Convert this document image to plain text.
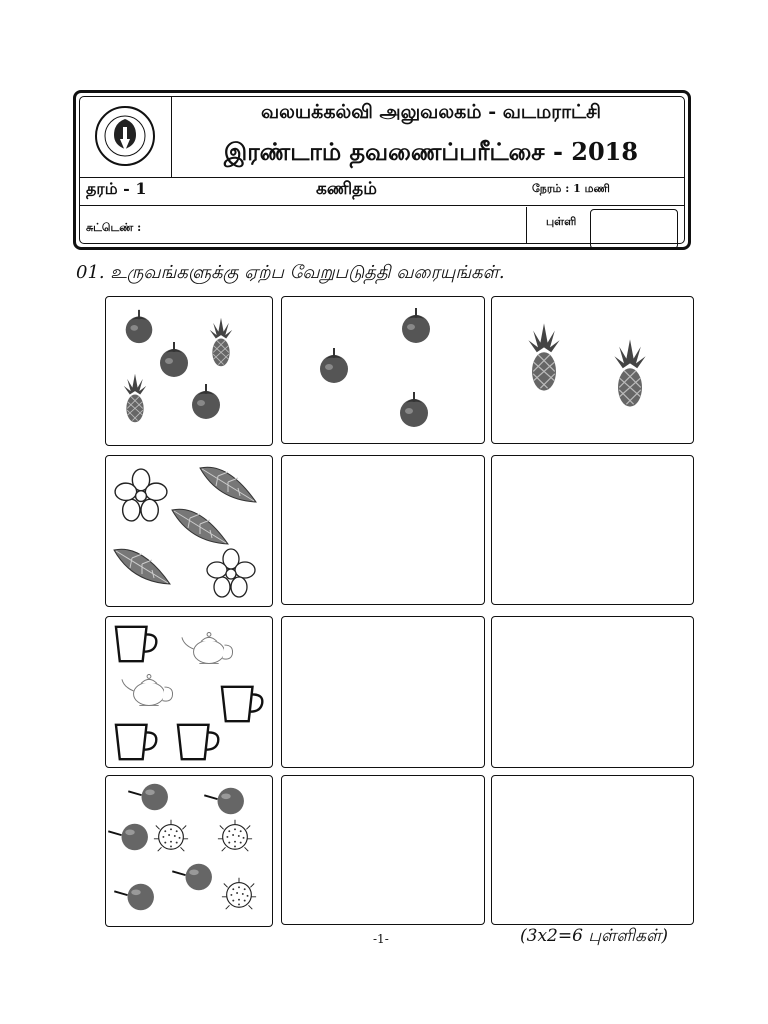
வலயக்கல்வி அலுவலகம் - வடமராட்சி
இரண்டாம் தவணைப்பரீட்சை - 2018
தரம் - 1	கணிதம்	நேரம் : 1 மணி
சுட்டெண் :	புள்ளி
01. உருவங்களுக்கு ஏற்ப வேறுபடுத்தி வரையுங்கள்.
-1-	(3x2=6 புள்ளிகள்)
